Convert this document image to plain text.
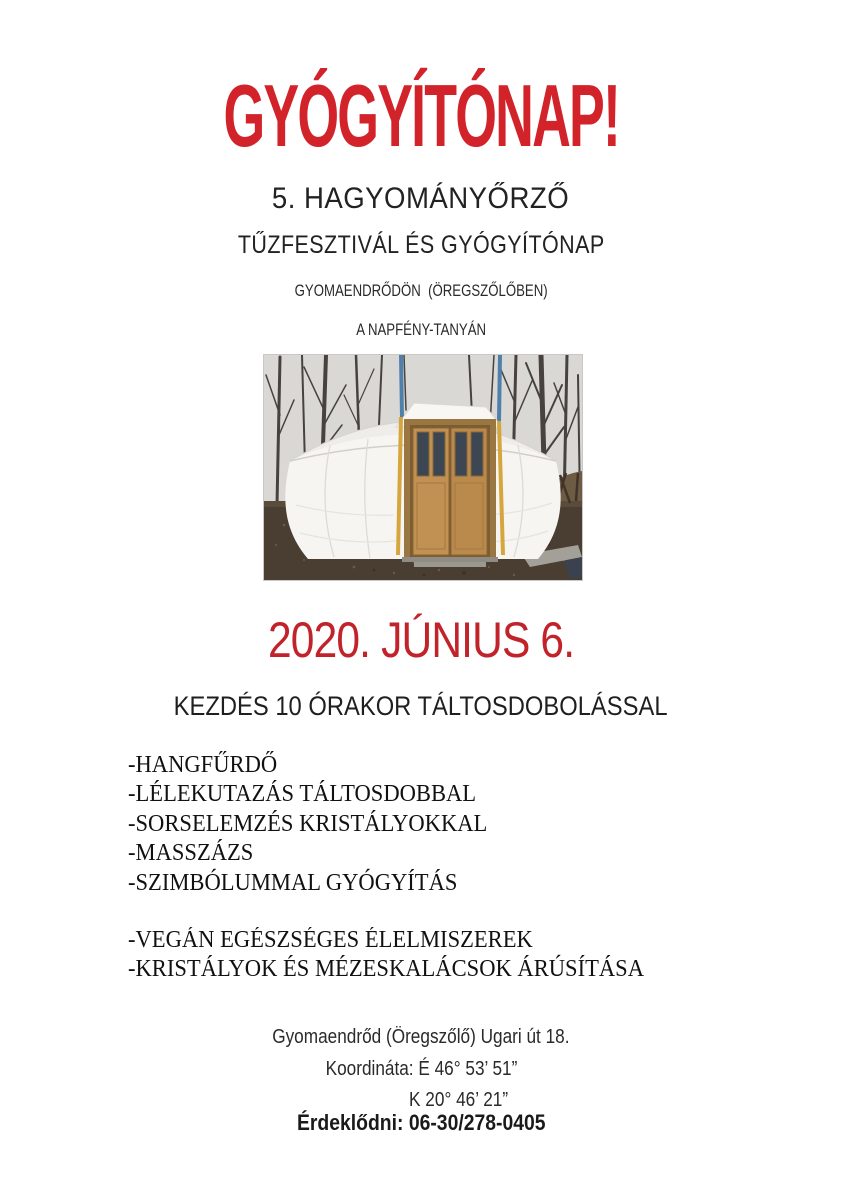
GYÓGYÍTÓNAP!
5. HAGYOMÁNYŐRZŐ
TŰZFESZTIVÁL ÉS GYÓGYÍTÓNAP
GYOMAENDRŐDÖN  (ÖREGSZŐLŐBEN)
A NAPFÉNY-TANYÁN
2020. JÚNIUS 6.
KEZDÉS 10 ÓRAKOR TÁLTOSDOBOLÁSSAL
-HANGFŰRDŐ
-LÉLEKUTAZÁS TÁLTOSDOBBAL
-SORSELEMZÉS KRISTÁLYOKKAL
-MASSZÁZS
-SZIMBÓLUMMAL GYÓGYÍTÁS
-VEGÁN EGÉSZSÉGES ÉLELMISZEREK
-KRISTÁLYOK ÉS MÉZESKALÁCSOK ÁRÚSÍTÁSA
Gyomaendrőd (Öregszőlő) Ugari út 18.
Koordináta: É 46° 53’ 51”
K 20° 46’ 21”
Érdeklődni: 06-30/278-0405
